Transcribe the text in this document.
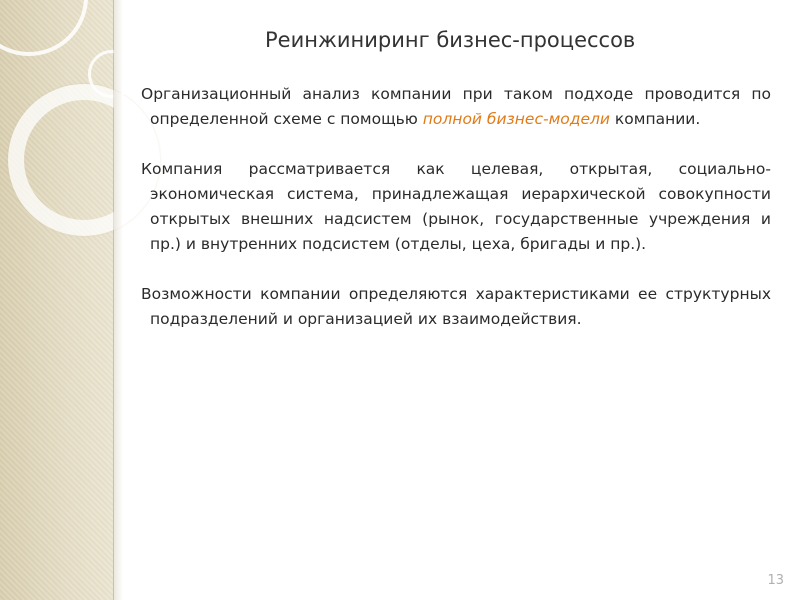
Реинжиниринг бизнес-процессов

Организационный анализ компании при таком подходе проводится по определенной схеме с помощью полной бизнес-модели компании.

Компания рассматривается как целевая, открытая, социально-экономическая система, принадлежащая иерархической совокупности открытых внешних надсистем (рынок, государственные учреждения и пр.) и внутренних подсистем (отделы, цеха, бригады и пр.).

Возможности компании определяются характеристиками ее структурных подразделений и организацией их взаимодействия.

13
